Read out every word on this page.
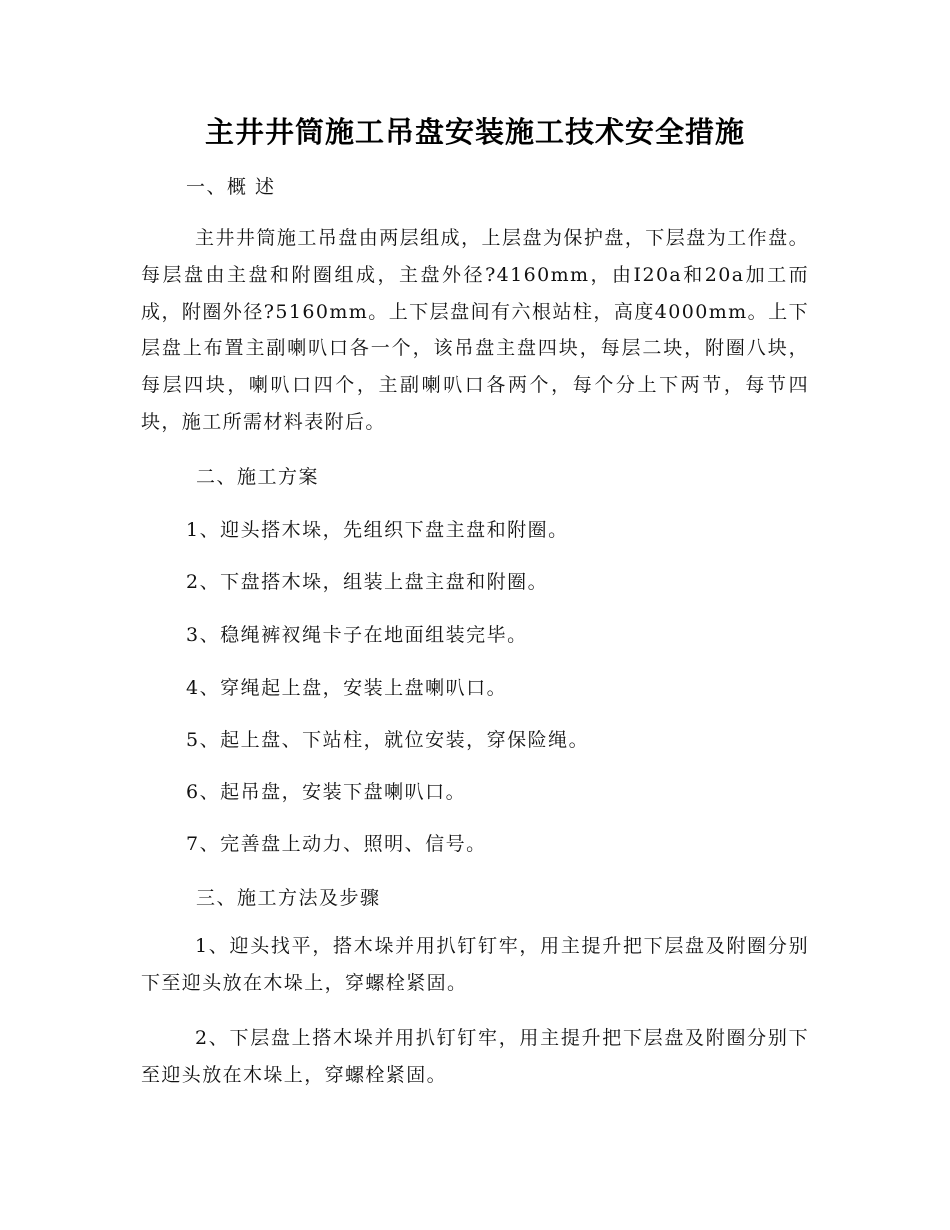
主井井筒施工吊盘安装施工技术安全措施
一、概 述
主井井筒施工吊盘由两层组成，上层盘为保护盘，下层盘为工作盘。每层盘由主盘和附圈组成，主盘外径?4160mm，由I20a和20a加工而成，附圈外径?5160mm。上下层盘间有六根站柱，高度4000mm。上下层盘上布置主副喇叭口各一个，该吊盘主盘四块，每层二块，附圈八块，每层四块，喇叭口四个，主副喇叭口各两个，每个分上下两节，每节四块，施工所需材料表附后。
二、施工方案
1、迎头搭木垛，先组织下盘主盘和附圈。
2、下盘搭木垛，组装上盘主盘和附圈。
3、稳绳裤衩绳卡子在地面组装完毕。
4、穿绳起上盘，安装上盘喇叭口。
5、起上盘、下站柱，就位安装，穿保险绳。
6、起吊盘，安装下盘喇叭口。
7、完善盘上动力、照明、信号。
三、施工方法及步骤
1、迎头找平，搭木垛并用扒钉钉牢，用主提升把下层盘及附圈分别下至迎头放在木垛上，穿螺栓紧固。
2、下层盘上搭木垛并用扒钉钉牢，用主提升把下层盘及附圈分别下至迎头放在木垛上，穿螺栓紧固。
